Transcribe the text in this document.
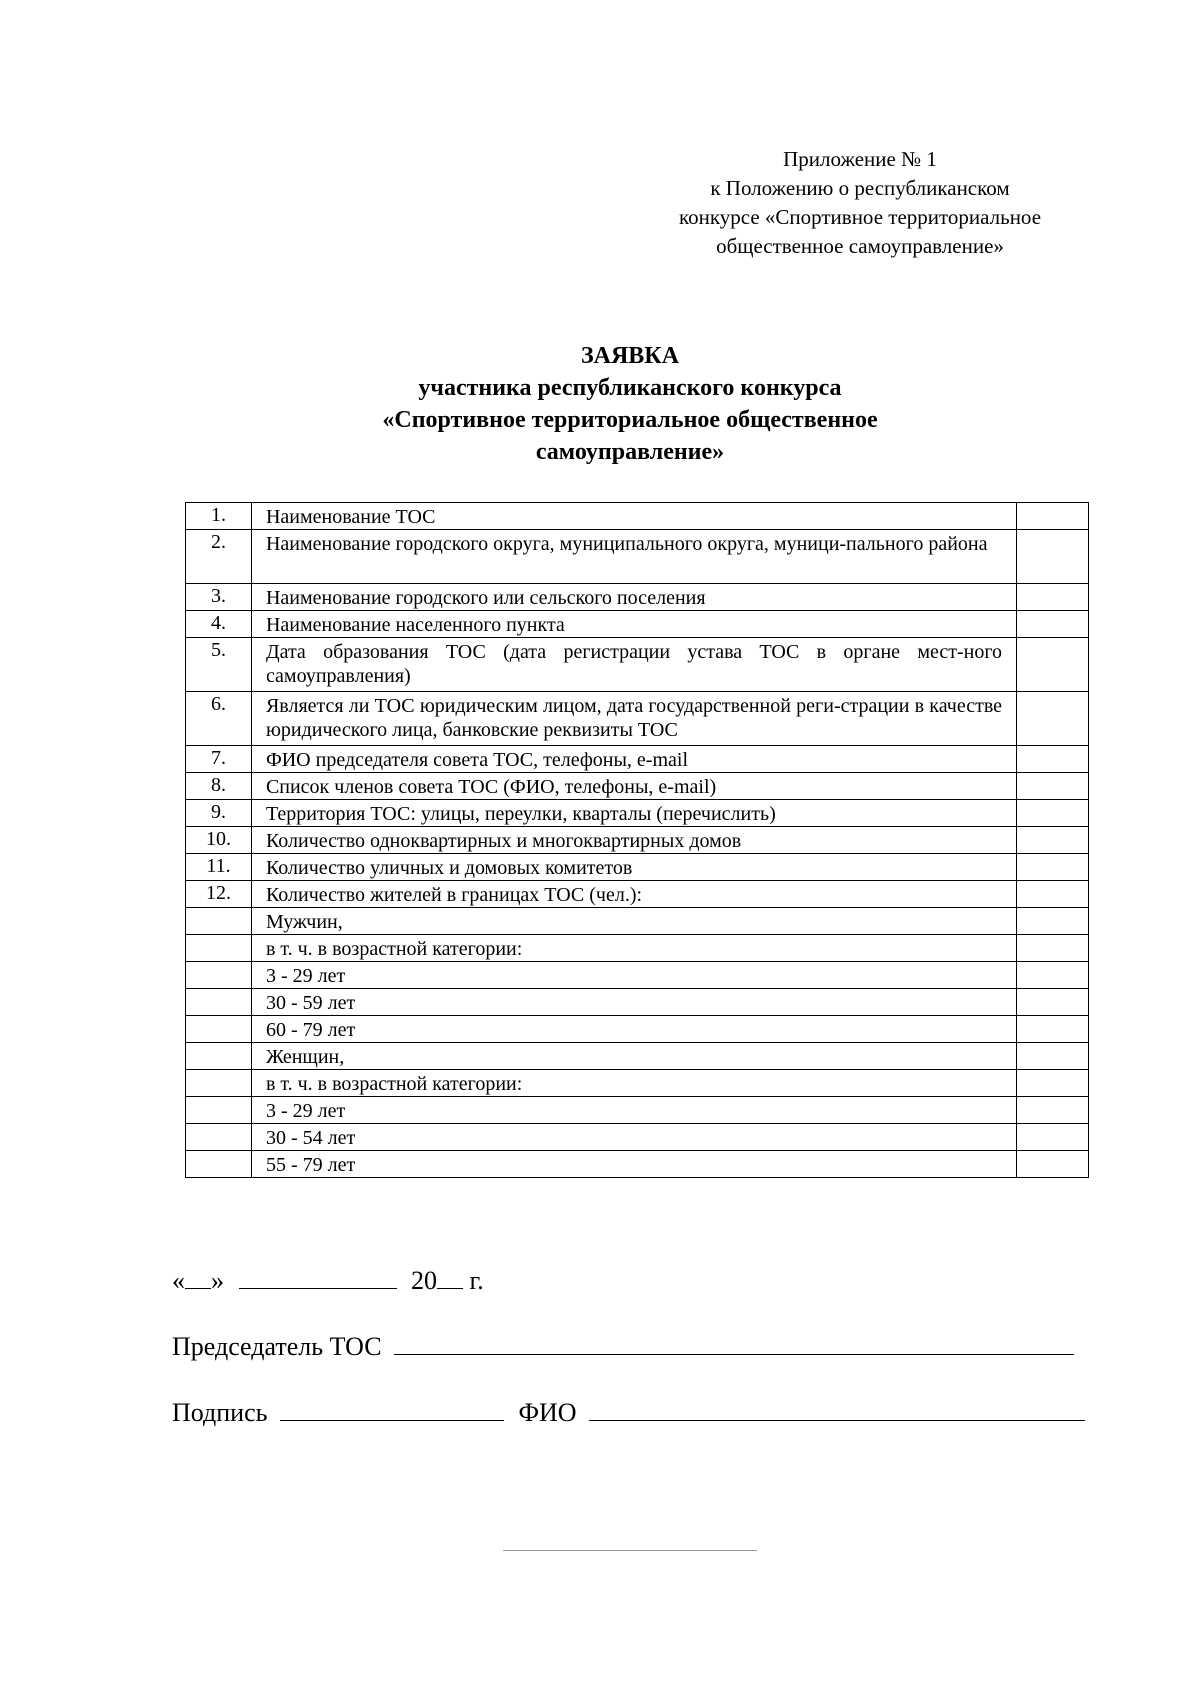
Приложение № 1
к Положению о республиканском
конкурсе «Спортивное территориальное
общественное самоуправление»
ЗАЯВКА
участника республиканского конкурса
«Спортивное территориальное общественное
самоуправление»
1.	Наименование ТОС	
2.	Наименование городского округа, муниципального округа, муници-пального района	
3.	Наименование городского или сельского поселения	
4.	Наименование населенного пункта	
5.	Дата образования ТОС (дата регистрации устава ТОС в органе мест-ного самоуправления)	
6.	Является ли ТОС юридическим лицом, дата государственной реги-страции в качестве юридического лица, банковские реквизиты ТОС	
7.	ФИО председателя совета ТОС, телефоны, e-mail	
8.	Список членов совета ТОС (ФИО, телефоны, e-mail)	
9.	Территория ТОС: улицы, переулки, кварталы (перечислить)	
10.	Количество одноквартирных и многоквартирных домов	
11.	Количество уличных и домовых комитетов	
12.	Количество жителей в границах ТОС (чел.):	
	Мужчин,	
	в т. ч. в возрастной категории:	
	3 - 29 лет	
	30 - 59 лет	
	60 - 79 лет	
	Женщин,	
	в т. ч. в возрастной категории:	
	3 - 29 лет	
	30 - 54 лет	
	55 - 79 лет	
« »	20 г.
Председатель ТОС
Подпись	ФИО
